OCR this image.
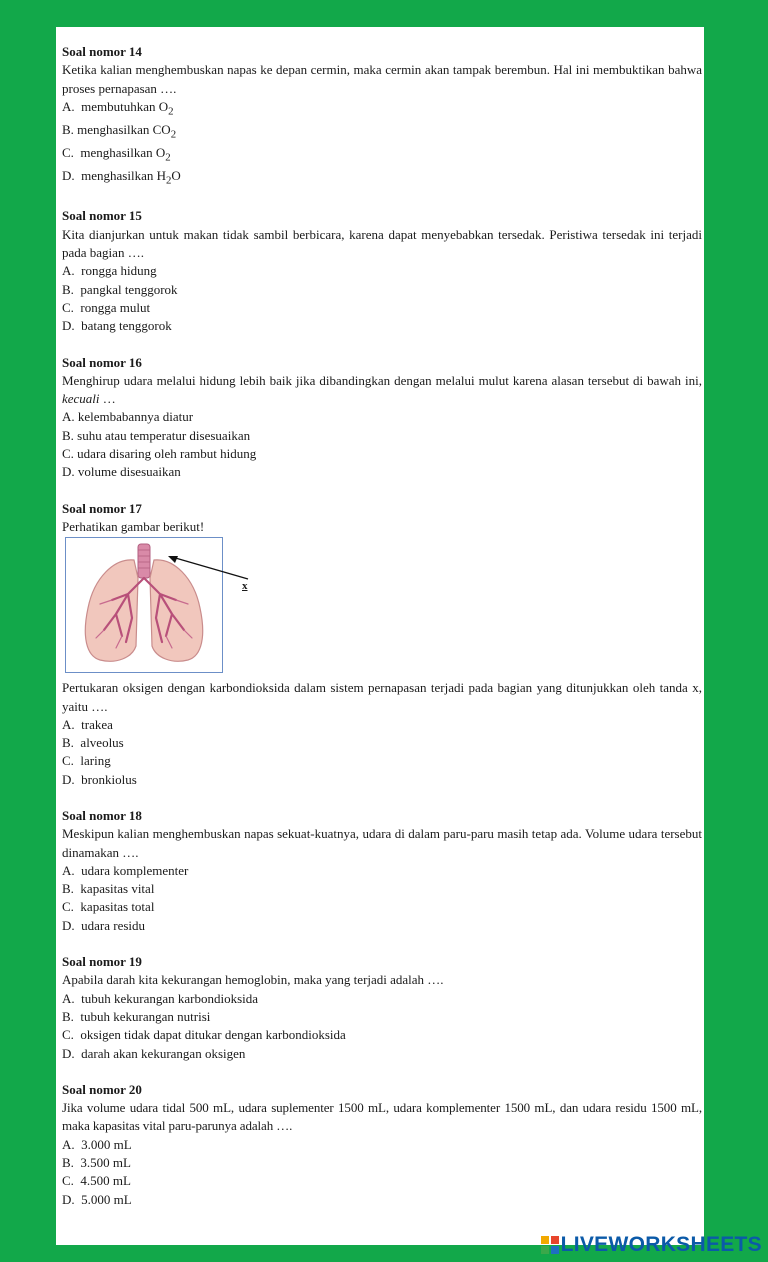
Soal nomor 14
Ketika kalian menghembuskan napas ke depan cermin, maka cermin akan tampak berembun. Hal ini membuktikan bahwa proses pernapasan ….
A. membutuhkan $O_2$
B. menghasilkan $CO_2$
C. menghasilkan $O_2$
D. menghasilkan $H_2O$
Soal nomor 15
Kita dianjurkan untuk makan tidak sambil berbicara, karena dapat menyebabkan tersedak. Peristiwa tersedak ini terjadi pada bagian ….
A. rongga hidung
B. pangkal tenggorok
C. rongga mulut
D. batang tenggorok
Soal nomor 16
Menghirup udara melalui hidung lebih baik jika dibandingkan dengan melalui mulut karena alasan tersebut di bawah ini, kecuali …
A. kelembabannya diatur
B. suhu atau temperatur disesuaikan
C. udara disaring oleh rambut hidung
D. volume disesuaikan
Soal nomor 17
Perhatikan gambar berikut!
x
Pertukaran oksigen dengan karbondioksida dalam sistem pernapasan terjadi pada bagian yang ditunjukkan oleh tanda x, yaitu ….
A. trakea
B. alveolus
C. laring
D. bronkiolus
Soal nomor 18
Meskipun kalian menghembuskan napas sekuat-kuatnya, udara di dalam paru-paru masih tetap ada. Volume udara tersebut dinamakan ….
A. udara komplementer
B. kapasitas vital
C. kapasitas total
D. udara residu
Soal nomor 19
Apabila darah kita kekurangan hemoglobin, maka yang terjadi adalah ….
A. tubuh kekurangan karbondioksida
B. tubuh kekurangan nutrisi
C. oksigen tidak dapat ditukar dengan karbondioksida
D. darah akan kekurangan oksigen
Soal nomor 20
Jika volume udara tidal 500 mL, udara suplementer 1500 mL, udara komplementer 1500 mL, dan udara residu 1500 mL, maka kapasitas vital paru-parunya adalah ….
A. 3.000 mL
B. 3.500 mL
C. 4.500 mL
D. 5.000 mL
LIVEWORKSHEETS
